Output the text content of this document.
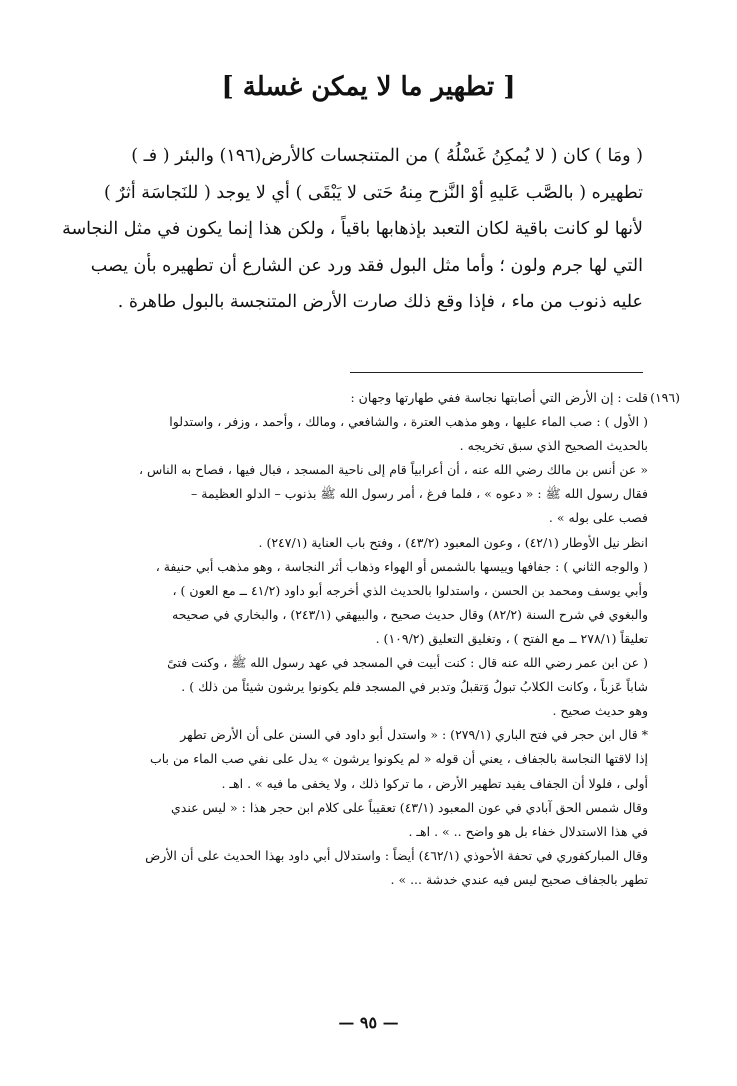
[ تطهير ما لا يمكن غسلة ]

( ومَا ) كان ( لا يُمكِنُ غَسْلُهُ ) من المتنجسات كالأرض(١٩٦) والبئر ( فـ )

تطهيره ( بالصَّب عَليهِ أوْ النَّزح مِنهُ حَتى لا يَبْقَى ) أي لا يوجد ( للنَجاسَة أثرٌ )

لأنها لو كانت باقية لكان التعبد بإذهابها باقياً ، ولكن هذا إنما يكون في مثل النجاسة

التي لها جرم ولون ؛ وأما مثل البول فقد ورد عن الشارع أن تطهيره بأن يصب

عليه ذنوب من ماء ، فإذا وقع ذلك صارت الأرض المتنجسة بالبول طاهرة .

(١٩٦)قلت : إن الأرض التي أصابتها نجاسة ففي طهارتها وجهان :
( الأول ) : صب الماء عليها ، وهو مذهب العترة ، والشافعي ، ومالك ، وأحمد ، وزفر ، واستدلوا
بالحديث الصحيح الذي سبق تخريجه .
« عن أنس بن مالك رضي الله عنه ، أن أعرابياً قام إلى ناحية المسجد ، فبال فيها ، فصاح به الناس ،
فقال رسول الله ﷺ : « دعوه » ، فلما فرغ ، أمر رسول الله ﷺ بذنوب – الدلو العظيمة –
فصب على بوله » .
انظر نيل الأوطار (٤٢/١) ، وعون المعبود (٤٣/٢) ، وفتح باب العناية (٢٤٧/١) .
( والوجه الثاني ) : جفافها وييسها بالشمس أو الهواء وذهاب أثر النجاسة ، وهو مذهب أبي حنيفة ،
وأبي يوسف ومحمد بن الحسن ، واستدلوا بالحديث الذي أخرجه أبو داود (٤١/٢ ــ مع العون ) ،
والبغوي في شرح السنة (٨٢/٢) وقال حديث صحيح ، والبيهقي (٢٤٣/١) ، والبخاري في صحيحه
تعليقاً (٢٧٨/١ ــ مع الفتح ) ، وتغليق التعليق (١٠٩/٢) .
( عن ابن عمر رضي الله عنه قال : كنت أبيت في المسجد في عهد رسول الله ﷺ ، وكنت فتىً
شاباً عَزباً ، وكانت الكلابُ تبولُ وَتقبلُ وتدبر في المسجد فلم يكونوا يرشون شيئاً من ذلك ) .
وهو حديث صحيح .
* قال ابن حجر في فتح الباري (٢٧٩/١) : « واستدل أبو داود في السنن على أن الأرض تطهر
إذا لاقتها النجاسة بالجفاف ، يعني أن قوله « لم يكونوا يرشون » يدل على نفي صب الماء من باب
أولى ، فلولا أن الجفاف يفيد تطهير الأرض ، ما تركوا ذلك ، ولا يخفى ما فيه » . اهـ .
وقال شمس الحق آبادي في عون المعبود (٤٣/١) تعقيباً على كلام ابن حجر هذا : « ليس عندي
في هذا الاستدلال خفاء بل هو واضح .. » . اهـ .
وقال المباركفوري في تحفة الأحوذي (٤٦٢/١) أيضاً : واستدلال أبي داود بهذا الحديث على أن الأرض
تطهر بالجفاف صحيح ليس فيه عندي خدشة ... » .
— ٩٥ —
